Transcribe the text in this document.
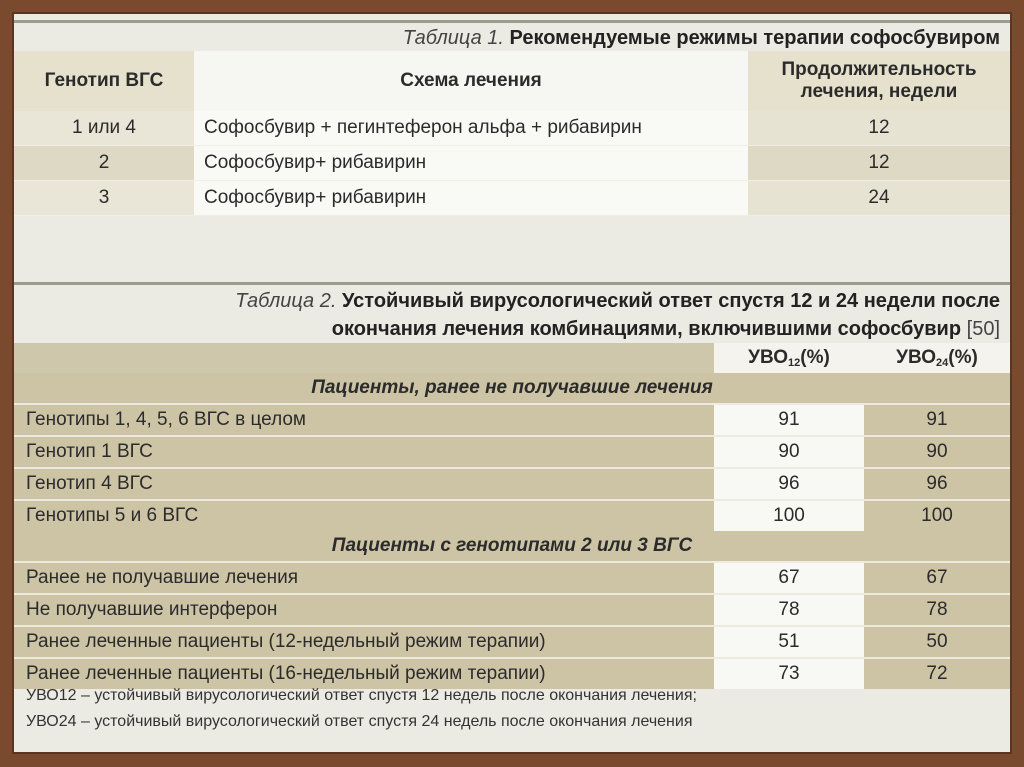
Таблица 1. Рекомендуемые режимы терапии софосбувиром
Генотип ВГС	Схема лечения	Продолжительность лечения, недели
1 или 4	Софосбувир + пегинтеферон альфа + рибавирин	12
2	Софосбувир+ рибавирин	12
3	Софосбувир+ рибавирин	24
Таблица 2. Устойчивый вирусологический ответ спустя 12 и 24 недели после
окончания лечения комбинациями, включившими софосбувир [50]
	$УВО_{12}(\%)$	$УВО_{24}(\%)$
Пациенты, ранее не получавшие лечения		
Генотипы 1, 4, 5, 6 ВГС в целом	91	91
Генотип 1 ВГС	90	90
Генотип 4 ВГС	96	96
Генотипы 5 и 6 ВГС	100	100
Пациенты с генотипами 2 или 3 ВГС		
Ранее не получавшие лечения	67	67
Не получавшие интерферон	78	78
Ранее леченные пациенты (12-недельный режим терапии)	51	50
Ранее леченные пациенты (16-недельный режим терапии)	73	72
УВО12 – устойчивый вирусологический ответ спустя 12 недель после окончания лечения;
УВО24 – устойчивый вирусологический ответ спустя 24 недель после окончания лечения
